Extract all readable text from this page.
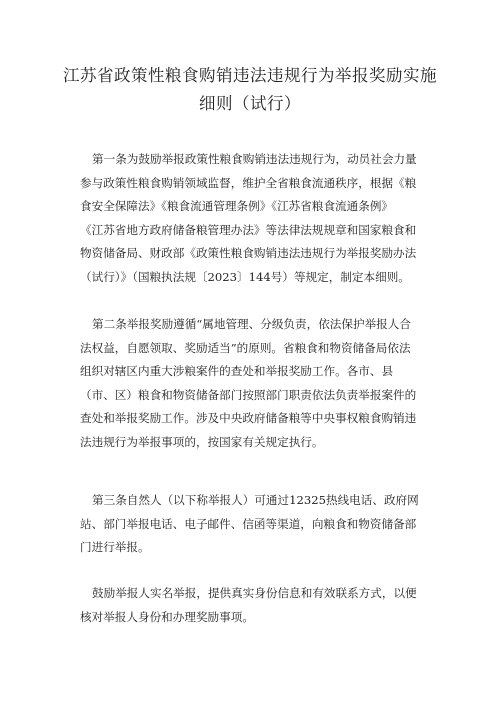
江苏省政策性粮食购销违法违规行为举报奖励实施
细则（试行）

第一条为鼓励举报政策性粮食购销违法违规行为，动员社会力量
参与政策性粮食购销领域监督，维护全省粮食流通秩序，根据《粮
食安全保障法》《粮食流通管理条例》《江苏省粮食流通条例》
《江苏省地方政府储备粮管理办法》等法律法规规章和国家粮食和
物资储备局、财政部《政策性粮食购销违法违规行为举报奖励办法
（试行）》（国粮执法规〔2023〕144号）等规定，制定本细则。

第二条举报奖励遵循“属地管理、分级负责，依法保护举报人合
法权益，自愿领取、奖励适当”的原则。省粮食和物资储备局依法
组织对辖区内重大涉粮案件的查处和举报奖励工作。各市、县
（市、区）粮食和物资储备部门按照部门职责依法负责举报案件的
查处和举报奖励工作。涉及中央政府储备粮等中央事权粮食购销违
法违规行为举报事项的，按国家有关规定执行。

第三条自然人（以下称举报人）可通过12325热线电话、政府网
站、部门举报电话、电子邮件、信函等渠道，向粮食和物资储备部
门进行举报。

鼓励举报人实名举报，提供真实身份信息和有效联系方式，以便
核对举报人身份和办理奖励事项。
